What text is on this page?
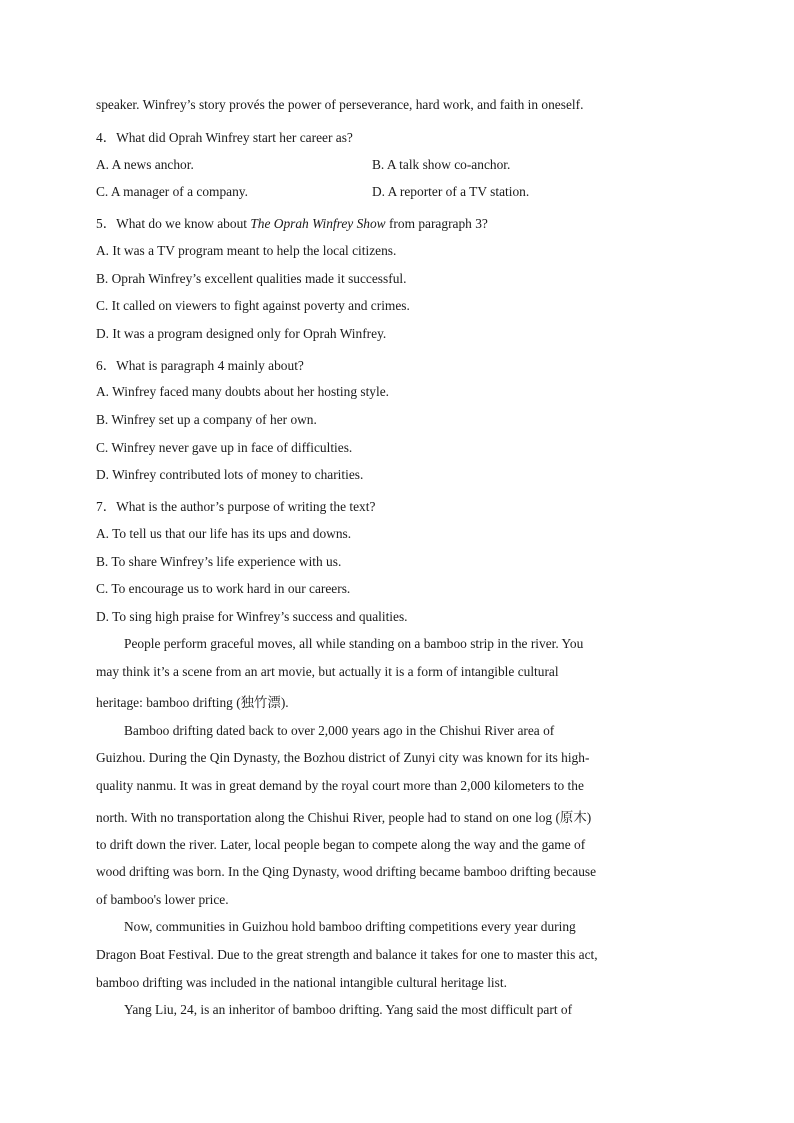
speaker. Winfrey’s story provés the power of perseverance, hard work, and faith in oneself.
4．What did Oprah Winfrey start her career as?
A. A news anchor.	B. A talk show co-anchor.
C. A manager of a company.	D. A reporter of a TV station.
5．What do we know about The Oprah Winfrey Show from paragraph 3?
A. It was a TV program meant to help the local citizens.
B. Oprah Winfrey’s excellent qualities made it successful.
C. It called on viewers to fight against poverty and crimes.
D. It was a program designed only for Oprah Winfrey.
6．What is paragraph 4 mainly about?
A. Winfrey faced many doubts about her hosting style.
B. Winfrey set up a company of her own.
C. Winfrey never gave up in face of difficulties.
D. Winfrey contributed lots of money to charities.
7．What is the author’s purpose of writing the text?
A. To tell us that our life has its ups and downs.
B. To share Winfrey’s life experience with us.
C. To encourage us to work hard in our careers.
D. To sing high praise for Winfrey’s success and qualities.
People perform graceful moves, all while standing on a bamboo strip in the river. You
may think it’s a scene from an art movie, but actually it is a form of intangible cultural
heritage: bamboo drifting (独竹漂).
Bamboo drifting dated back to over 2,000 years ago in the Chishui River area of
Guizhou. During the Qin Dynasty, the Bozhou district of Zunyi city was known for its high-
quality nanmu. It was in great demand by the royal court more than 2,000 kilometers to the
north. With no transportation along the Chishui River, people had to stand on one log (原木)
to drift down the river. Later, local people began to compete along the way and the game of
wood drifting was born. In the Qing Dynasty, wood drifting became bamboo drifting because
of bamboo's lower price.
Now, communities in Guizhou hold bamboo drifting competitions every year during
Dragon Boat Festival. Due to the great strength and balance it takes for one to master this act,
bamboo drifting was included in the national intangible cultural heritage list.
Yang Liu, 24, is an inheritor of bamboo drifting. Yang said the most difficult part of
